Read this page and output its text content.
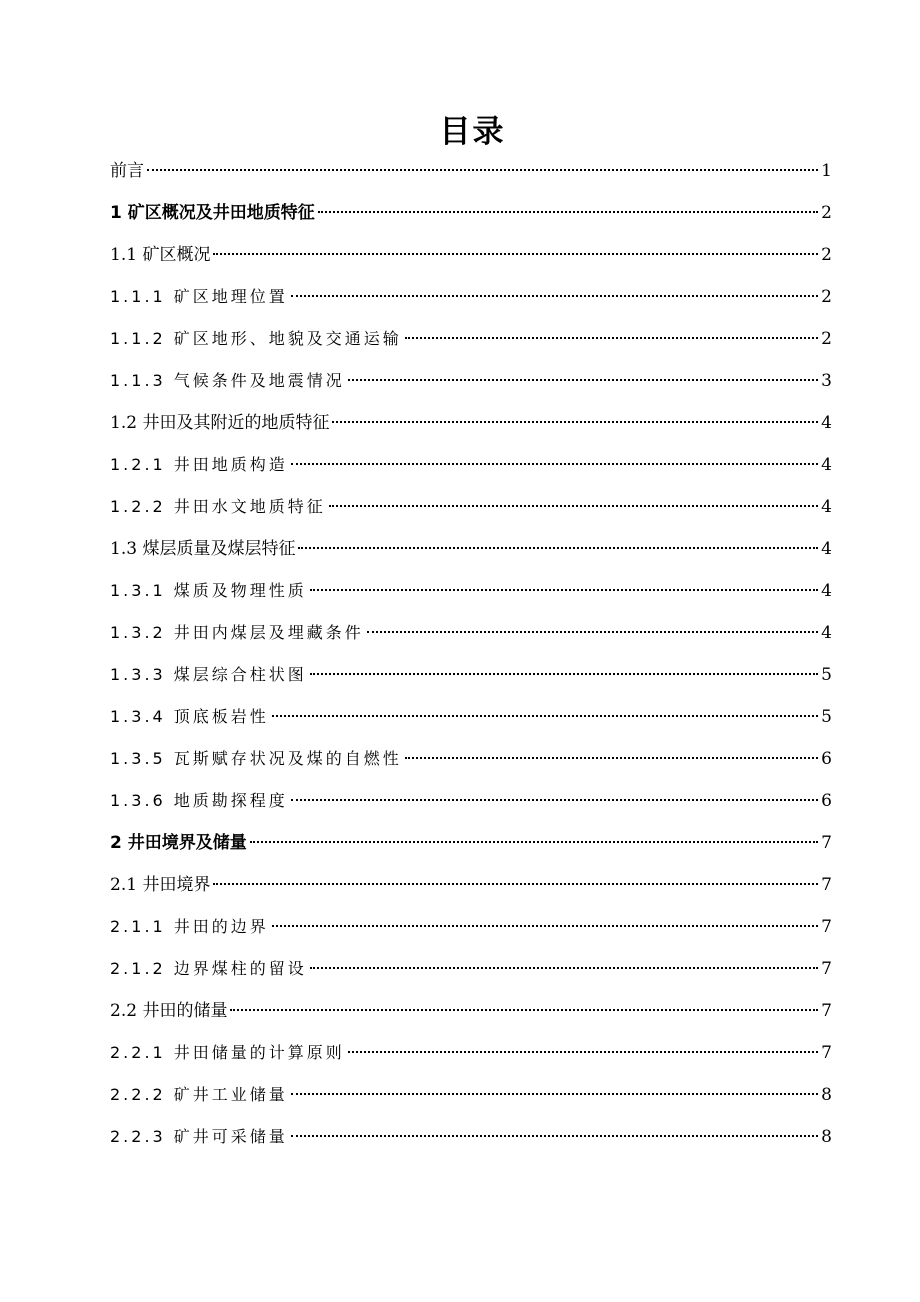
目录
前言	1
1 矿区概况及井田地质特征	2
1.1 矿区概况	2
1.1.1 矿区地理位置	2
1.1.2 矿区地形、地貌及交通运输	2
1.1.3 气候条件及地震情况	3
1.2 井田及其附近的地质特征	4
1.2.1 井田地质构造	4
1.2.2 井田水文地质特征	4
1.3 煤层质量及煤层特征	4
1.3.1 煤质及物理性质	4
1.3.2 井田内煤层及埋藏条件	4
1.3.3 煤层综合柱状图	5
1.3.4 顶底板岩性	5
1.3.5 瓦斯赋存状况及煤的自燃性	6
1.3.6 地质勘探程度	6
2 井田境界及储量	7
2.1 井田境界	7
2.1.1 井田的边界	7
2.1.2 边界煤柱的留设	7
2.2 井田的储量	7
2.2.1 井田储量的计算原则	7
2.2.2 矿井工业储量	8
2.2.3 矿井可采储量	8
